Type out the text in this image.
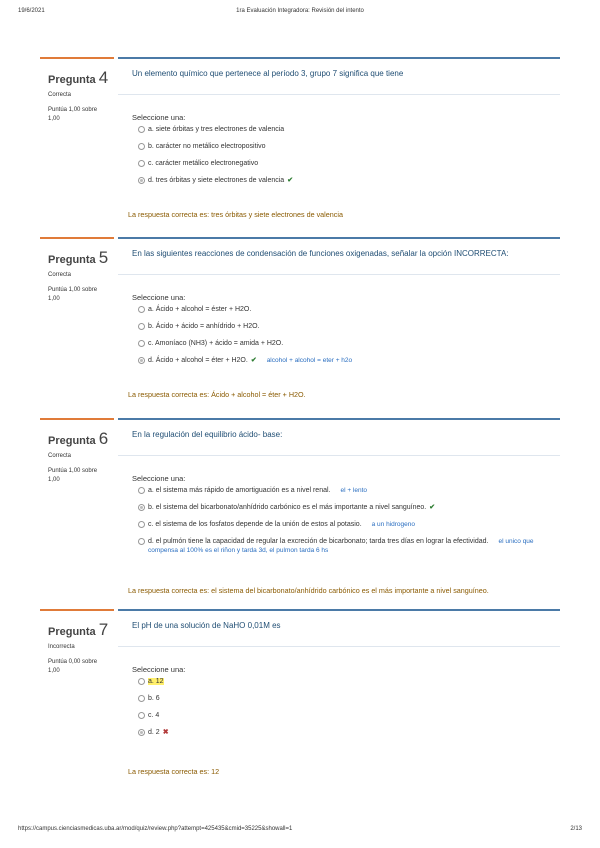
19/6/2021	1ra Evaluación Integradora: Revisión del intento
Pregunta 4
Correcta
Puntúa 1,00 sobre 1,00
Un elemento químico que pertenece al período 3, grupo 7 significa que tiene
Seleccione una:
a. siete órbitas y tres electrones de valencia
b. carácter no metálico electropositivo
c. carácter metálico electronegativo
d. tres órbitas y siete electrones de valencia ✔
La respuesta correcta es: tres órbitas y siete electrones de valencia
Pregunta 5
Correcta
Puntúa 1,00 sobre 1,00
En las siguientes reacciones de condensación de funciones oxigenadas, señalar la opción INCORRECTA:
Seleccione una:
a. Ácido + alcohol = éster + H2O.
b. Ácido + ácido = anhídrido + H2O.
c. Amoníaco (NH3) + ácido = amida + H2O.
d. Ácido + alcohol = éter + H2O. ✔ alcohol + alcohol = eter + h2o
La respuesta correcta es: Ácido + alcohol = éter + H2O.
Pregunta 6
Correcta
Puntúa 1,00 sobre 1,00
En la regulación del equilibrio ácido- base:
Seleccione una:
a. el sistema más rápido de amortiguación es a nivel renal. el + lento
b. el sistema del bicarbonato/anhídrido carbónico es el más importante a nivel sanguíneo. ✔
c. el sistema de los fosfatos depende de la unión de estos al potasio. a un hidrogeno
d. el pulmón tiene la capacidad de regular la excreción de bicarbonato; tarda tres días en lograr la efectividad. el unico que compensa al 100% es el riñon y tarda 3d, el pulmon tarda 6 hs
La respuesta correcta es: el sistema del bicarbonato/anhídrido carbónico es el más importante a nivel sanguíneo.
Pregunta 7
Incorrecta
Puntúa 0,00 sobre 1,00
El pH de una solución de NaHO 0,01M es
Seleccione una:
a. 12
b. 6
c. 4
d. 2 ✖
La respuesta correcta es: 12
https://campus.cienciasmedicas.uba.ar/mod/quiz/review.php?attempt=425435&cmid=35225&showall=1	2/13
